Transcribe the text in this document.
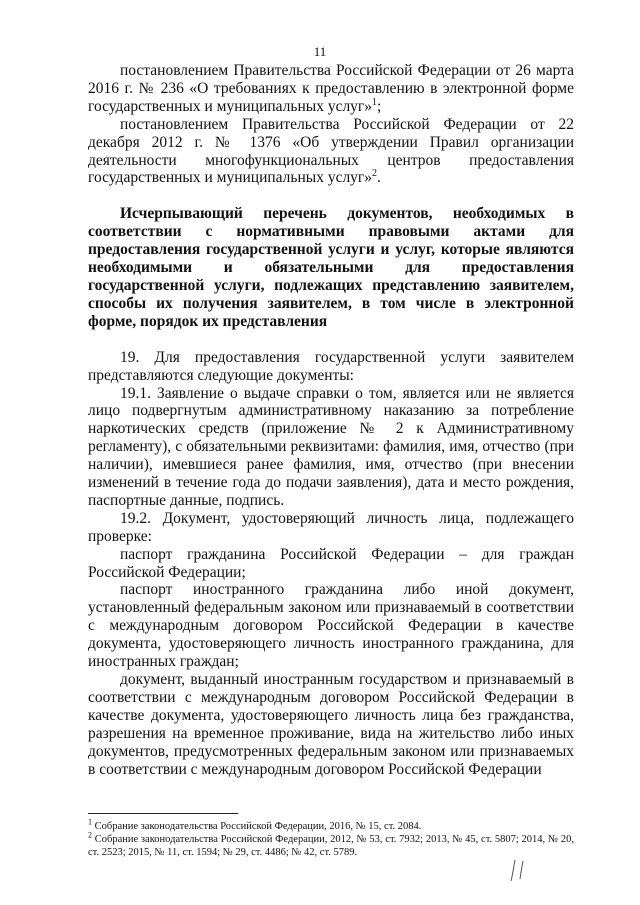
11

постановлением Правительства Российской Федерации от 26 марта 2016 г. № 236 «О требованиях к предоставлению в электронной форме государственных и муниципальных услуг»$^1$;

постановлением Правительства Российской Федерации от 22 декабря 2012 г. № 1376 «Об утверждении Правил организации деятельности многофункциональных центров предоставления государственных и муниципальных услуг»$^2$.

Исчерпывающий перечень документов, необходимых в соответствии с нормативными правовыми актами для предоставления государственной услуги и услуг, которые являются необходимыми и обязательными для предоставления государственной услуги, подлежащих представлению заявителем, способы их получения заявителем, в том числе в электронной форме, порядок их представления

19. Для предоставления государственной услуги заявителем представляются следующие документы:

19.1. Заявление о выдаче справки о том, является или не является лицо подвергнутым административному наказанию за потребление наркотических средств (приложение № 2 к Административному регламенту), с обязательными реквизитами: фамилия, имя, отчество (при наличии), имевшиеся ранее фамилия, имя, отчество (при внесении изменений в течение года до подачи заявления), дата и место рождения, паспортные данные, подпись.

19.2. Документ, удостоверяющий личность лица, подлежащего проверке:

паспорт гражданина Российской Федерации – для граждан Российской Федерации;

паспорт иностранного гражданина либо иной документ, установленный федеральным законом или признаваемый в соответствии с международным договором Российской Федерации в качестве документа, удостоверяющего личность иностранного гражданина, для иностранных граждан;

документ, выданный иностранным государством и признаваемый в соответствии с международным договором Российской Федерации в качестве документа, удостоверяющего личность лица без гражданства, разрешения на временное проживание, вида на жительство либо иных документов, предусмотренных федеральным законом или признаваемых в соответствии с международным договором Российской Федерации

$^1$ Собрание законодательства Российской Федерации, 2016, № 15, ст. 2084.

$^2$ Собрание законодательства Российской Федерации, 2012, № 53, ст. 7932; 2013, № 45, ст. 5807; 2014, № 20, ст. 2523; 2015, № 11, ст. 1594; № 29, ст. 4486; № 42, ст. 5789.
